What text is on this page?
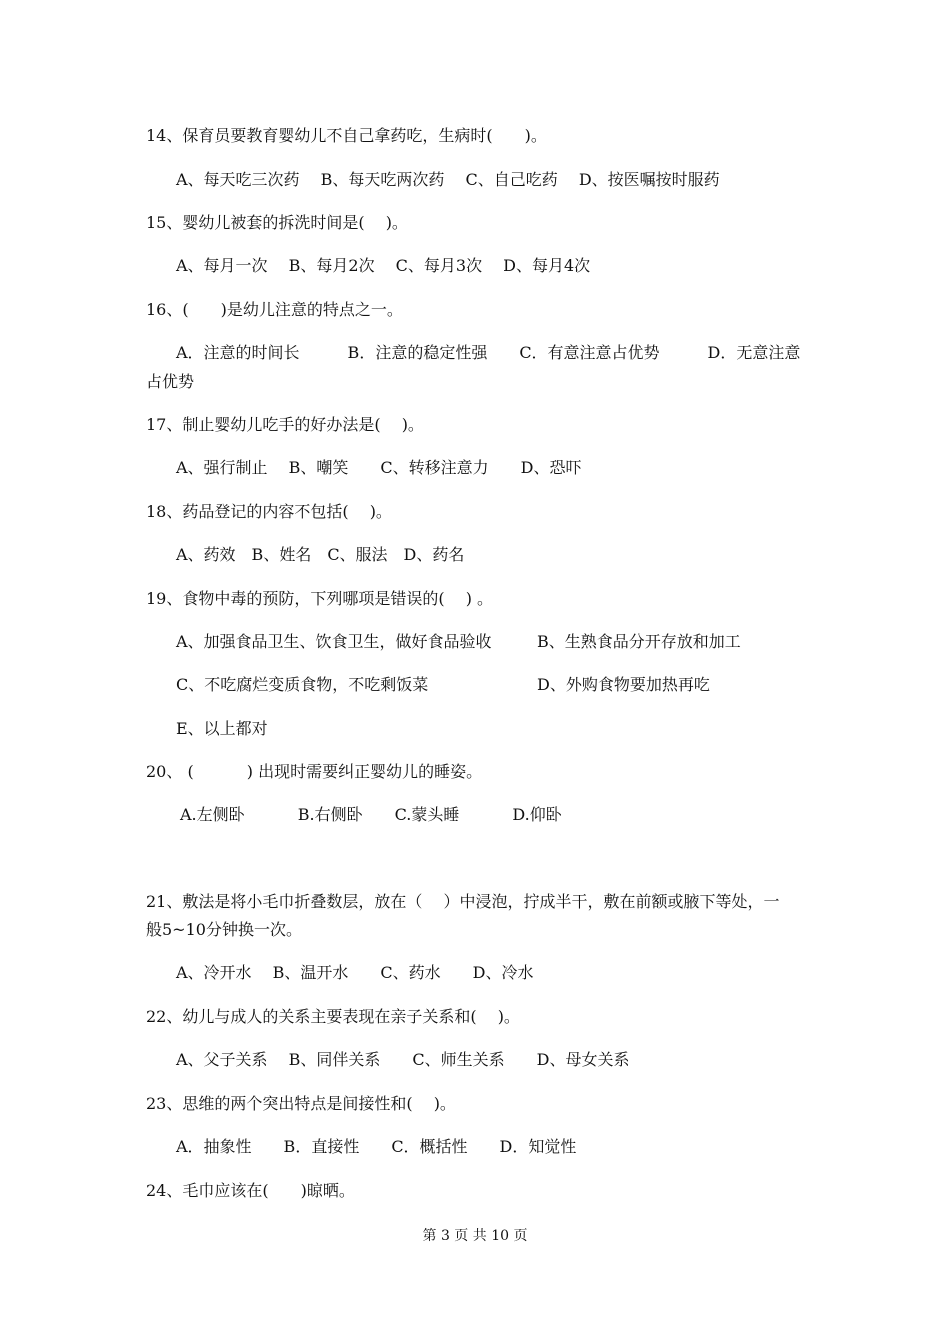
14、保育员要教育婴幼儿不自己拿药吃，生病时(　　)。
A、每天吃三次药　 B、每天吃两次药　 C、自己吃药　 D、按医嘱按时服药
15、婴幼儿被套的拆洗时间是(　 )。
A、每月一次　 B、每月2次　 C、每月3次　 D、每月4次
16、(　　)是幼儿注意的特点之一。
A．注意的时间长　　　B．注意的稳定性强　　C．有意注意占优势　　　D．无意注意
占优势
17、制止婴幼儿吃手的好办法是(　 )。
A、强行制止　 B、嘲笑　　C、转移注意力　　D、恐吓
18、药品登记的内容不包括(　 )。
A、药效　B、姓名　C、服法　D、药名
19、食物中毒的预防，下列哪项是错误的(　 ) 。
A、加强食品卫生、饮食卫生，做好食品验收	B、生熟食品分开存放和加工
C、不吃腐烂变质食物，不吃剩饭菜	D、外购食物要加热再吃
E、以上都对
20、 (　　　 ) 出现时需要纠正婴幼儿的睡姿。
A.左侧卧　　　 B.右侧卧　　C.蒙头睡　　　 D.仰卧
21、敷法是将小毛巾折叠数层，放在（　 ）中浸泡，拧成半干，敷在前额或腋下等处，一
般5~10分钟换一次。
A、冷开水　 B、温开水　　C、药水　　D、冷水
22、幼儿与成人的关系主要表现在亲子关系和(　 )。
A、父子关系　 B、同伴关系　　C、师生关系　　D、母女关系
23、思维的两个突出特点是间接性和(　 )。
A．抽象性　　B．直接性　　C．概括性　　D．知觉性
24、毛巾应该在(　　)晾晒。
第 3 页 共 10 页
